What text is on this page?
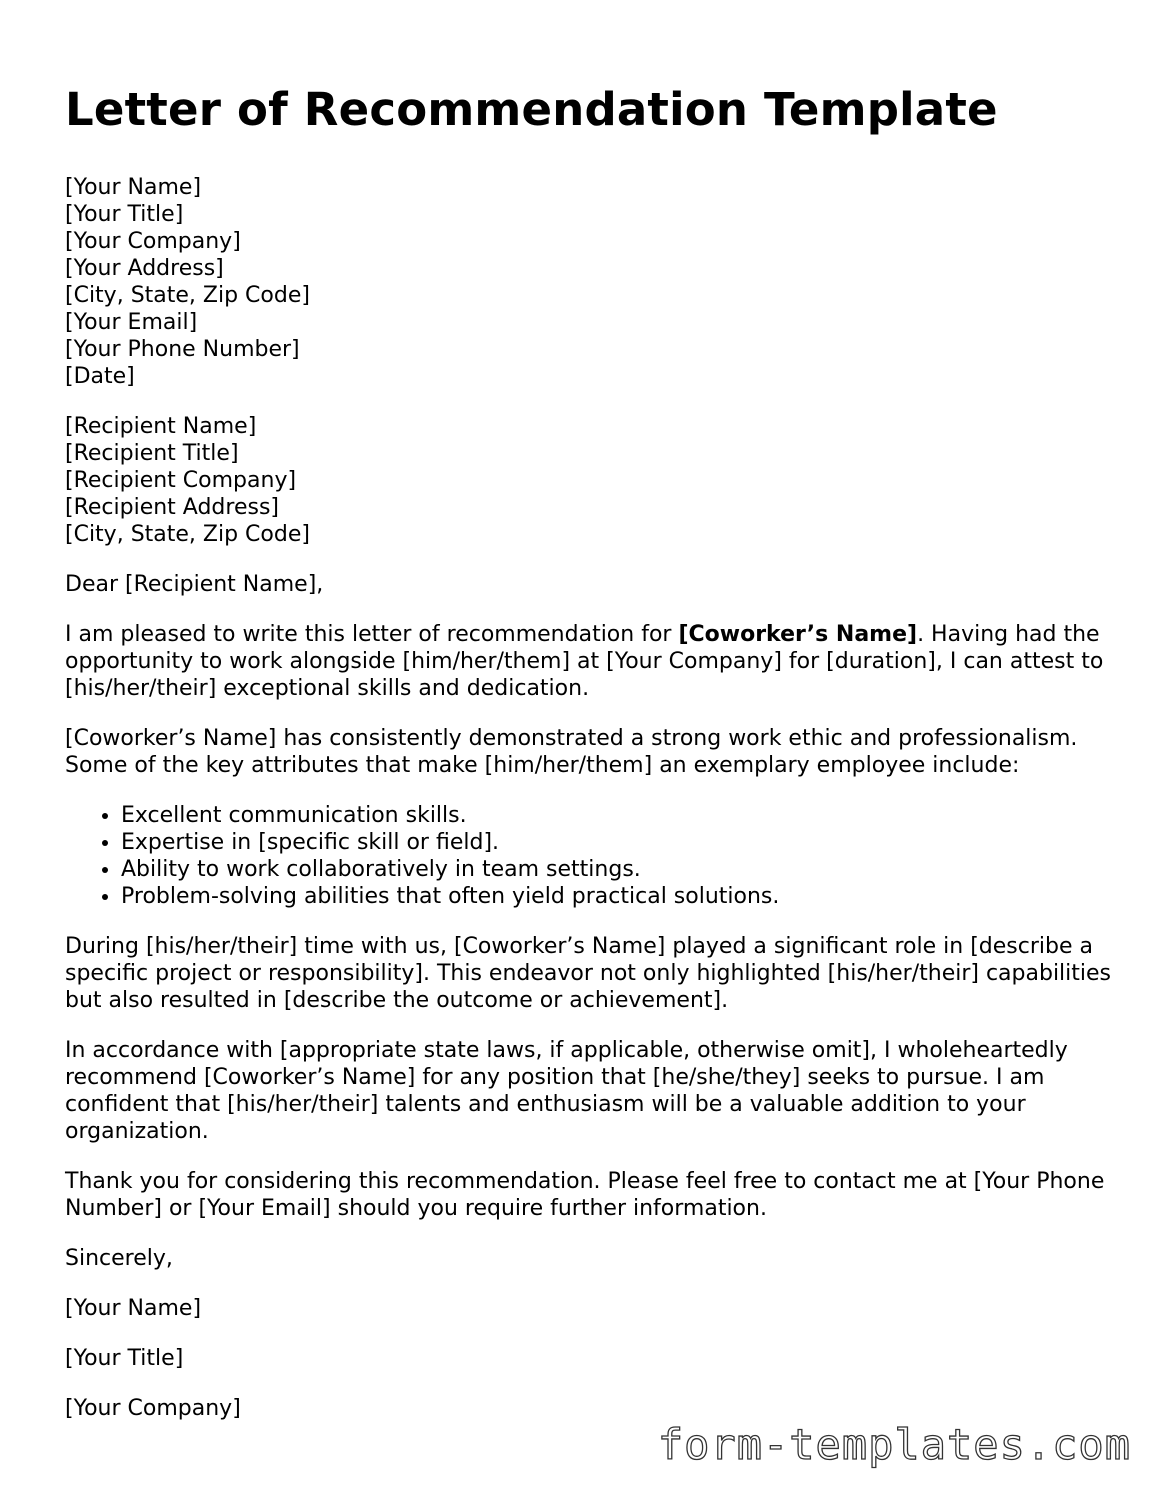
Letter of Recommendation Template
[Your Name]
[Your Title]
[Your Company]
[Your Address]
[City, State, Zip Code]
[Your Email]
[Your Phone Number]
[Date]
[Recipient Name]
[Recipient Title]
[Recipient Company]
[Recipient Address]
[City, State, Zip Code]

Dear [Recipient Name],

I am pleased to write this letter of recommendation for [Coworker’s Name]. Having had the opportunity to work alongside [him/her/them] at [Your Company] for [duration], I can attest to [his/her/their] exceptional skills and dedication.

[Coworker’s Name] has consistently demonstrated a strong work ethic and professionalism. Some of the key attributes that make [him/her/them] an exemplary employee include:

• Excellent communication skills.
• Expertise in [specific skill or field].
• Ability to work collaboratively in team settings.
• Problem-solving abilities that often yield practical solutions.

During [his/her/their] time with us, [Coworker’s Name] played a significant role in [describe a specific project or responsibility]. This endeavor not only highlighted [his/her/their] capabilities but also resulted in [describe the outcome or achievement].

In accordance with [appropriate state laws, if applicable, otherwise omit], I wholeheartedly recommend [Coworker’s Name] for any position that [he/she/they] seeks to pursue. I am confident that [his/her/their] talents and enthusiasm will be a valuable addition to your organization.

Thank you for considering this recommendation. Please feel free to contact me at [Your Phone Number] or [Your Email] should you require further information.

Sincerely,

[Your Name]
[Your Title]
[Your Company]
form-templates.com
